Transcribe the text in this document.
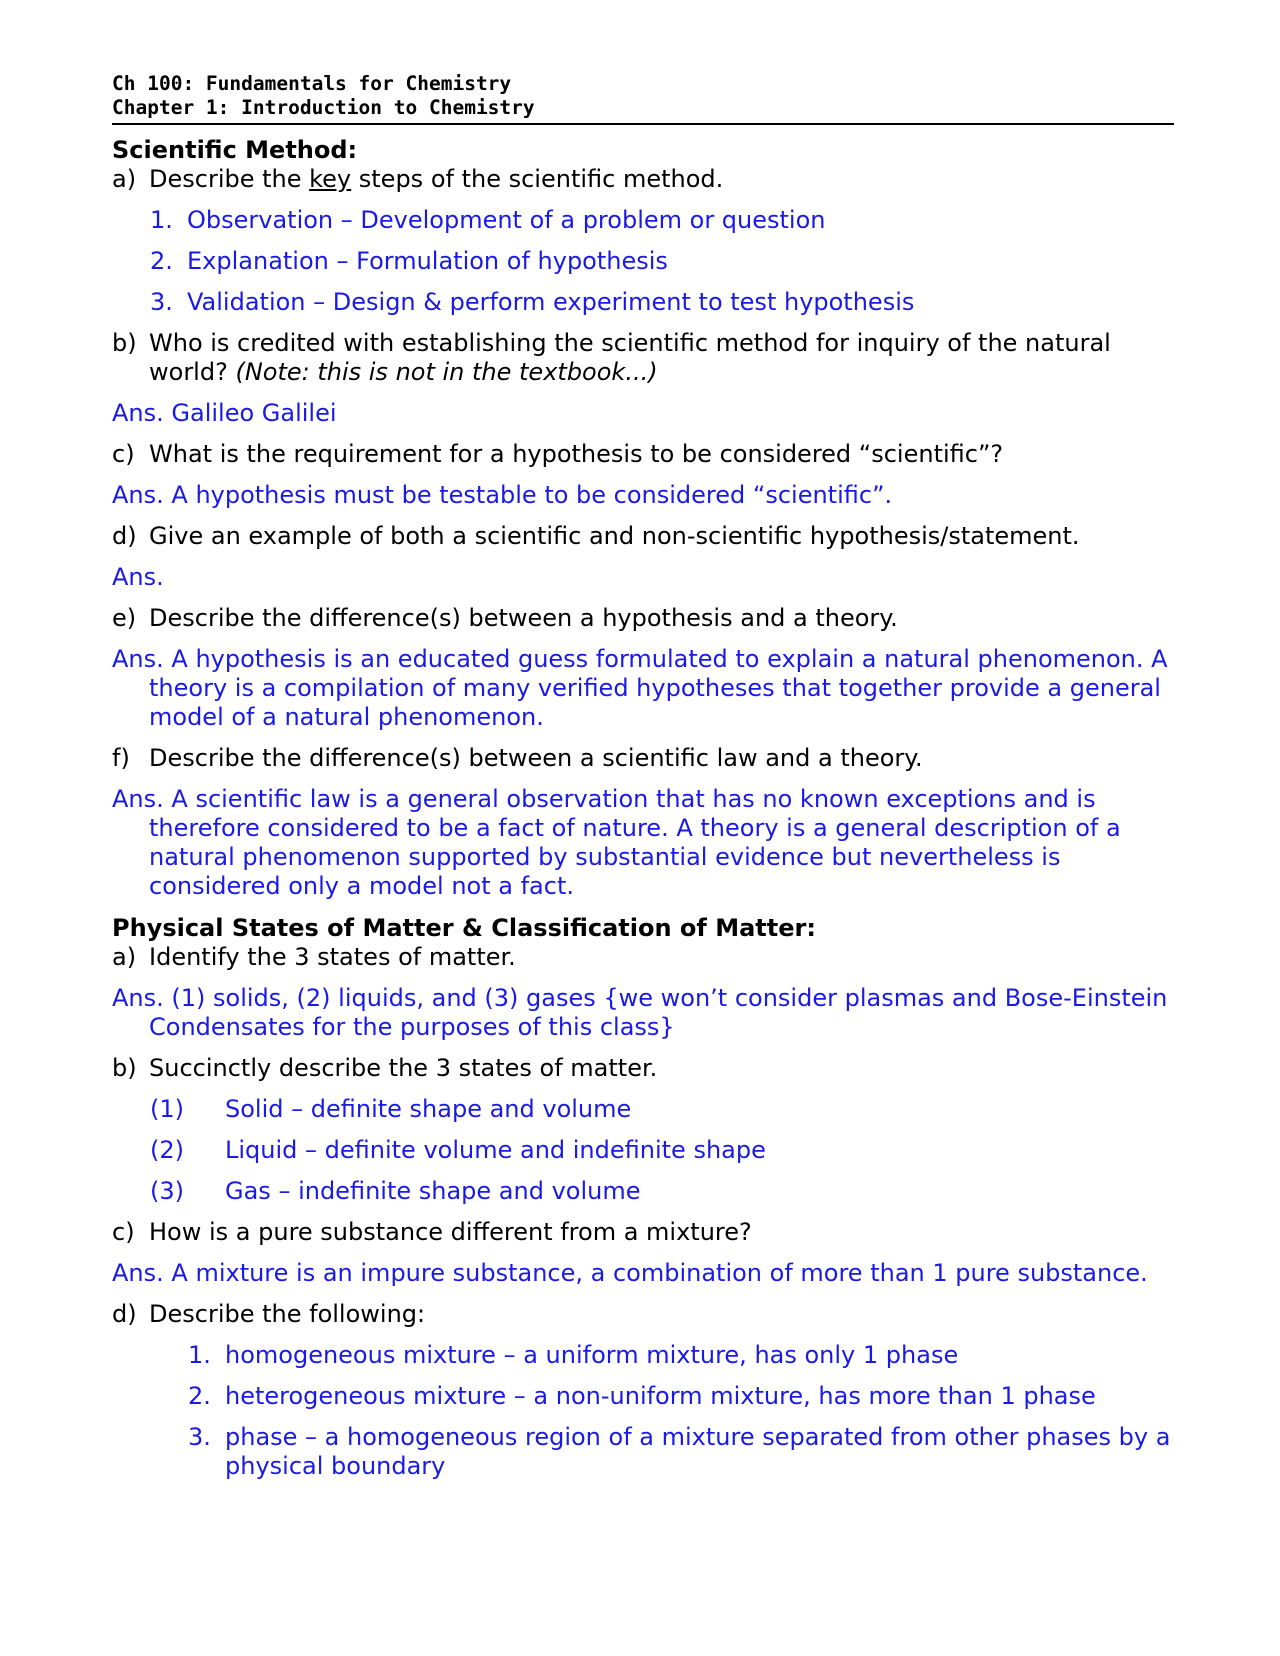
Ch 100: Fundamentals for Chemistry
Chapter 1: Introduction to Chemistry
Scientific Method:
a) Describe the key steps of the scientific method.
1. Observation – Development of a problem or question
2. Explanation – Formulation of hypothesis
3. Validation – Design & perform experiment to test hypothesis
b) Who is credited with establishing the scientific method for inquiry of the natural world? (Note: this is not in the textbook...)
Ans. Galileo Galilei
c) What is the requirement for a hypothesis to be considered “scientific”?
Ans. A hypothesis must be testable to be considered “scientific”.
d) Give an example of both a scientific and non-scientific hypothesis/statement.
Ans.
e) Describe the difference(s) between a hypothesis and a theory.
Ans. A hypothesis is an educated guess formulated to explain a natural phenomenon. A theory is a compilation of many verified hypotheses that together provide a general model of a natural phenomenon.
f) Describe the difference(s) between a scientific law and a theory.
Ans. A scientific law is a general observation that has no known exceptions and is therefore considered to be a fact of nature. A theory is a general description of a natural phenomenon supported by substantial evidence but nevertheless is considered only a model not a fact.
Physical States of Matter & Classification of Matter:
a) Identify the 3 states of matter.
Ans. (1) solids, (2) liquids, and (3) gases {we won’t consider plasmas and Bose-Einstein Condensates for the purposes of this class}
b) Succinctly describe the 3 states of matter.
(1) Solid – definite shape and volume
(2) Liquid – definite volume and indefinite shape
(3) Gas – indefinite shape and volume
c) How is a pure substance different from a mixture?
Ans. A mixture is an impure substance, a combination of more than 1 pure substance.
d) Describe the following:
1. homogeneous mixture – a uniform mixture, has only 1 phase
2. heterogeneous mixture – a non-uniform mixture, has more than 1 phase
3. phase – a homogeneous region of a mixture separated from other phases by a physical boundary
